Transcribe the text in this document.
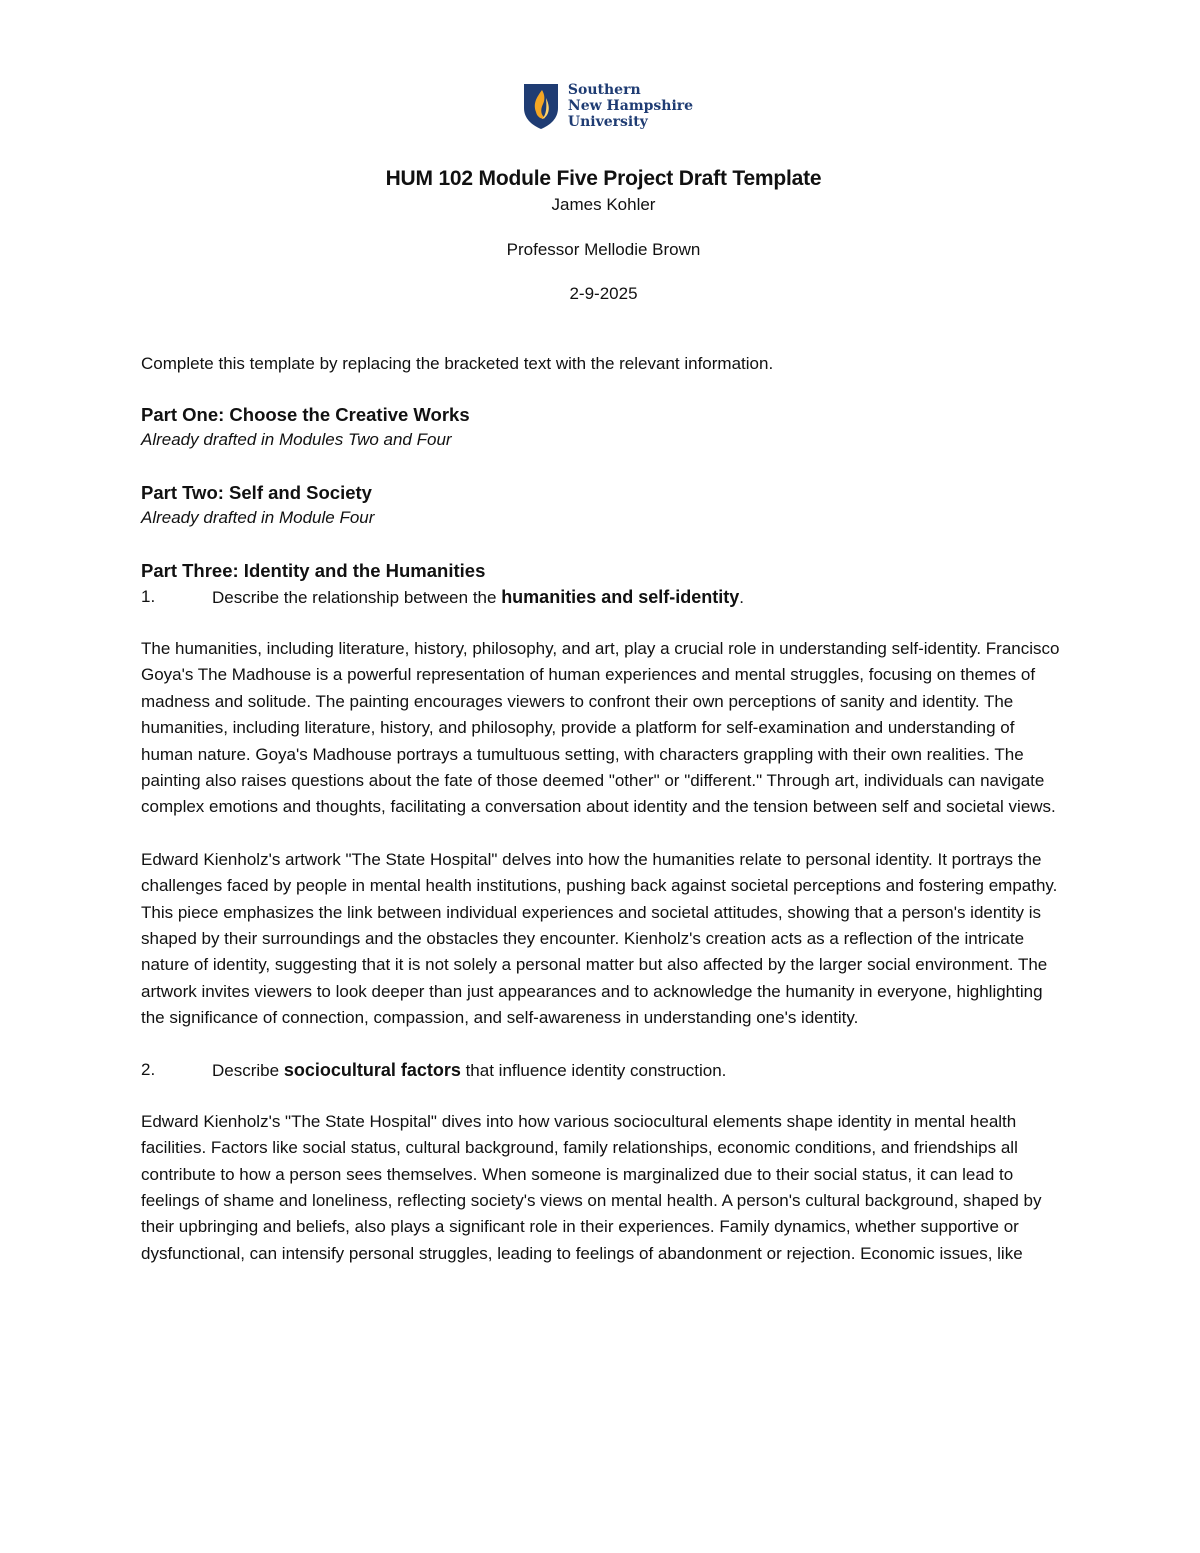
Southern
New Hampshire
University
HUM 102 Module Five Project Draft Template
James Kohler
Professor Mellodie Brown
2-9-2025
Complete this template by replacing the bracketed text with the relevant information.
Part One: Choose the Creative Works
Already drafted in Modules Two and Four
Part Two: Self and Society
Already drafted in Module Four
Part Three: Identity and the Humanities
1.	Describe the relationship between the humanities and self-identity.

The humanities, including literature, history, philosophy, and art, play a crucial role in understanding self-identity. Francisco Goya's The Madhouse is a powerful representation of human experiences and mental struggles, focusing on themes of madness and solitude. The painting encourages viewers to confront their own perceptions of sanity and identity. The humanities, including literature, history, and philosophy, provide a platform for self-examination and understanding of human nature. Goya's Madhouse portrays a tumultuous setting, with characters grappling with their own realities. The painting also raises questions about the fate of those deemed "other" or "different." Through art, individuals can navigate complex emotions and thoughts, facilitating a conversation about identity and the tension between self and societal views.

Edward Kienholz's artwork "The State Hospital" delves into how the humanities relate to personal identity. It portrays the challenges faced by people in mental health institutions, pushing back against societal perceptions and fostering empathy. This piece emphasizes the link between individual experiences and societal attitudes, showing that a person's identity is shaped by their surroundings and the obstacles they encounter. Kienholz's creation acts as a reflection of the intricate nature of identity, suggesting that it is not solely a personal matter but also affected by the larger social environment. The artwork invites viewers to look deeper than just appearances and to acknowledge the humanity in everyone, highlighting the significance of connection, compassion, and self-awareness in understanding one's identity.

2.	Describe sociocultural factors that influence identity construction.

Edward Kienholz's "The State Hospital" dives into how various sociocultural elements shape identity in mental health facilities. Factors like social status, cultural background, family relationships, economic conditions, and friendships all contribute to how a person sees themselves. When someone is marginalized due to their social status, it can lead to feelings of shame and loneliness, reflecting society's views on mental health. A person's cultural background, shaped by their upbringing and beliefs, also plays a significant role in their experiences. Family dynamics, whether supportive or dysfunctional, can intensify personal struggles, leading to feelings of abandonment or rejection. Economic issues, like
